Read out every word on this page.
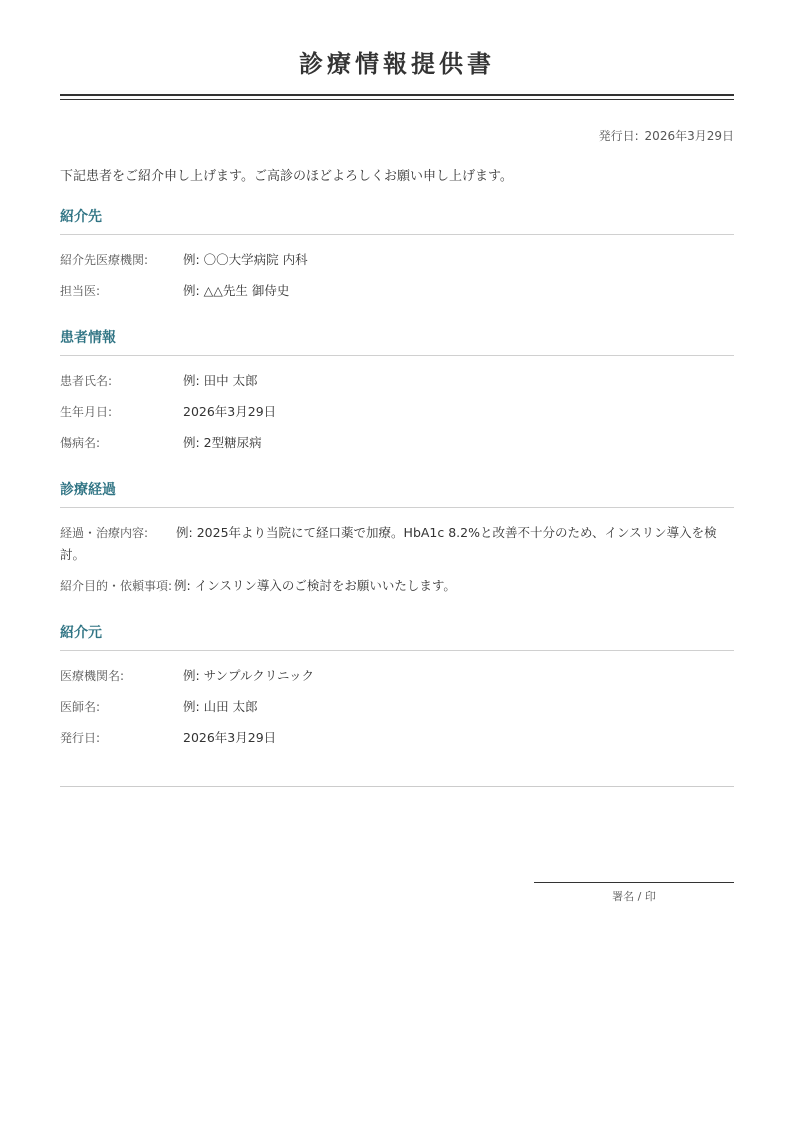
診療情報提供書
発行日: 2026年3月29日
下記患者をご紹介申し上げます。ご高診のほどよろしくお願い申し上げます。
紹介先
紹介先医療機関:	例: 〇〇大学病院 内科
担当医:	例: △△先生 御侍史
患者情報
患者氏名:	例: 田中 太郎
生年月日:	2026年3月29日
傷病名:	例: 2型糖尿病
診療経過
経過・治療内容: 例: 2025年より当院にて経口薬で加療。HbA1c 8.2%と改善不十分のため、インスリン導入を検討。
紹介目的・依頼事項: 例: インスリン導入のご検討をお願いいたします。
紹介元
医療機関名:	例: サンプルクリニック
医師名:	例: 山田 太郎
発行日:	2026年3月29日
署名 / 印
